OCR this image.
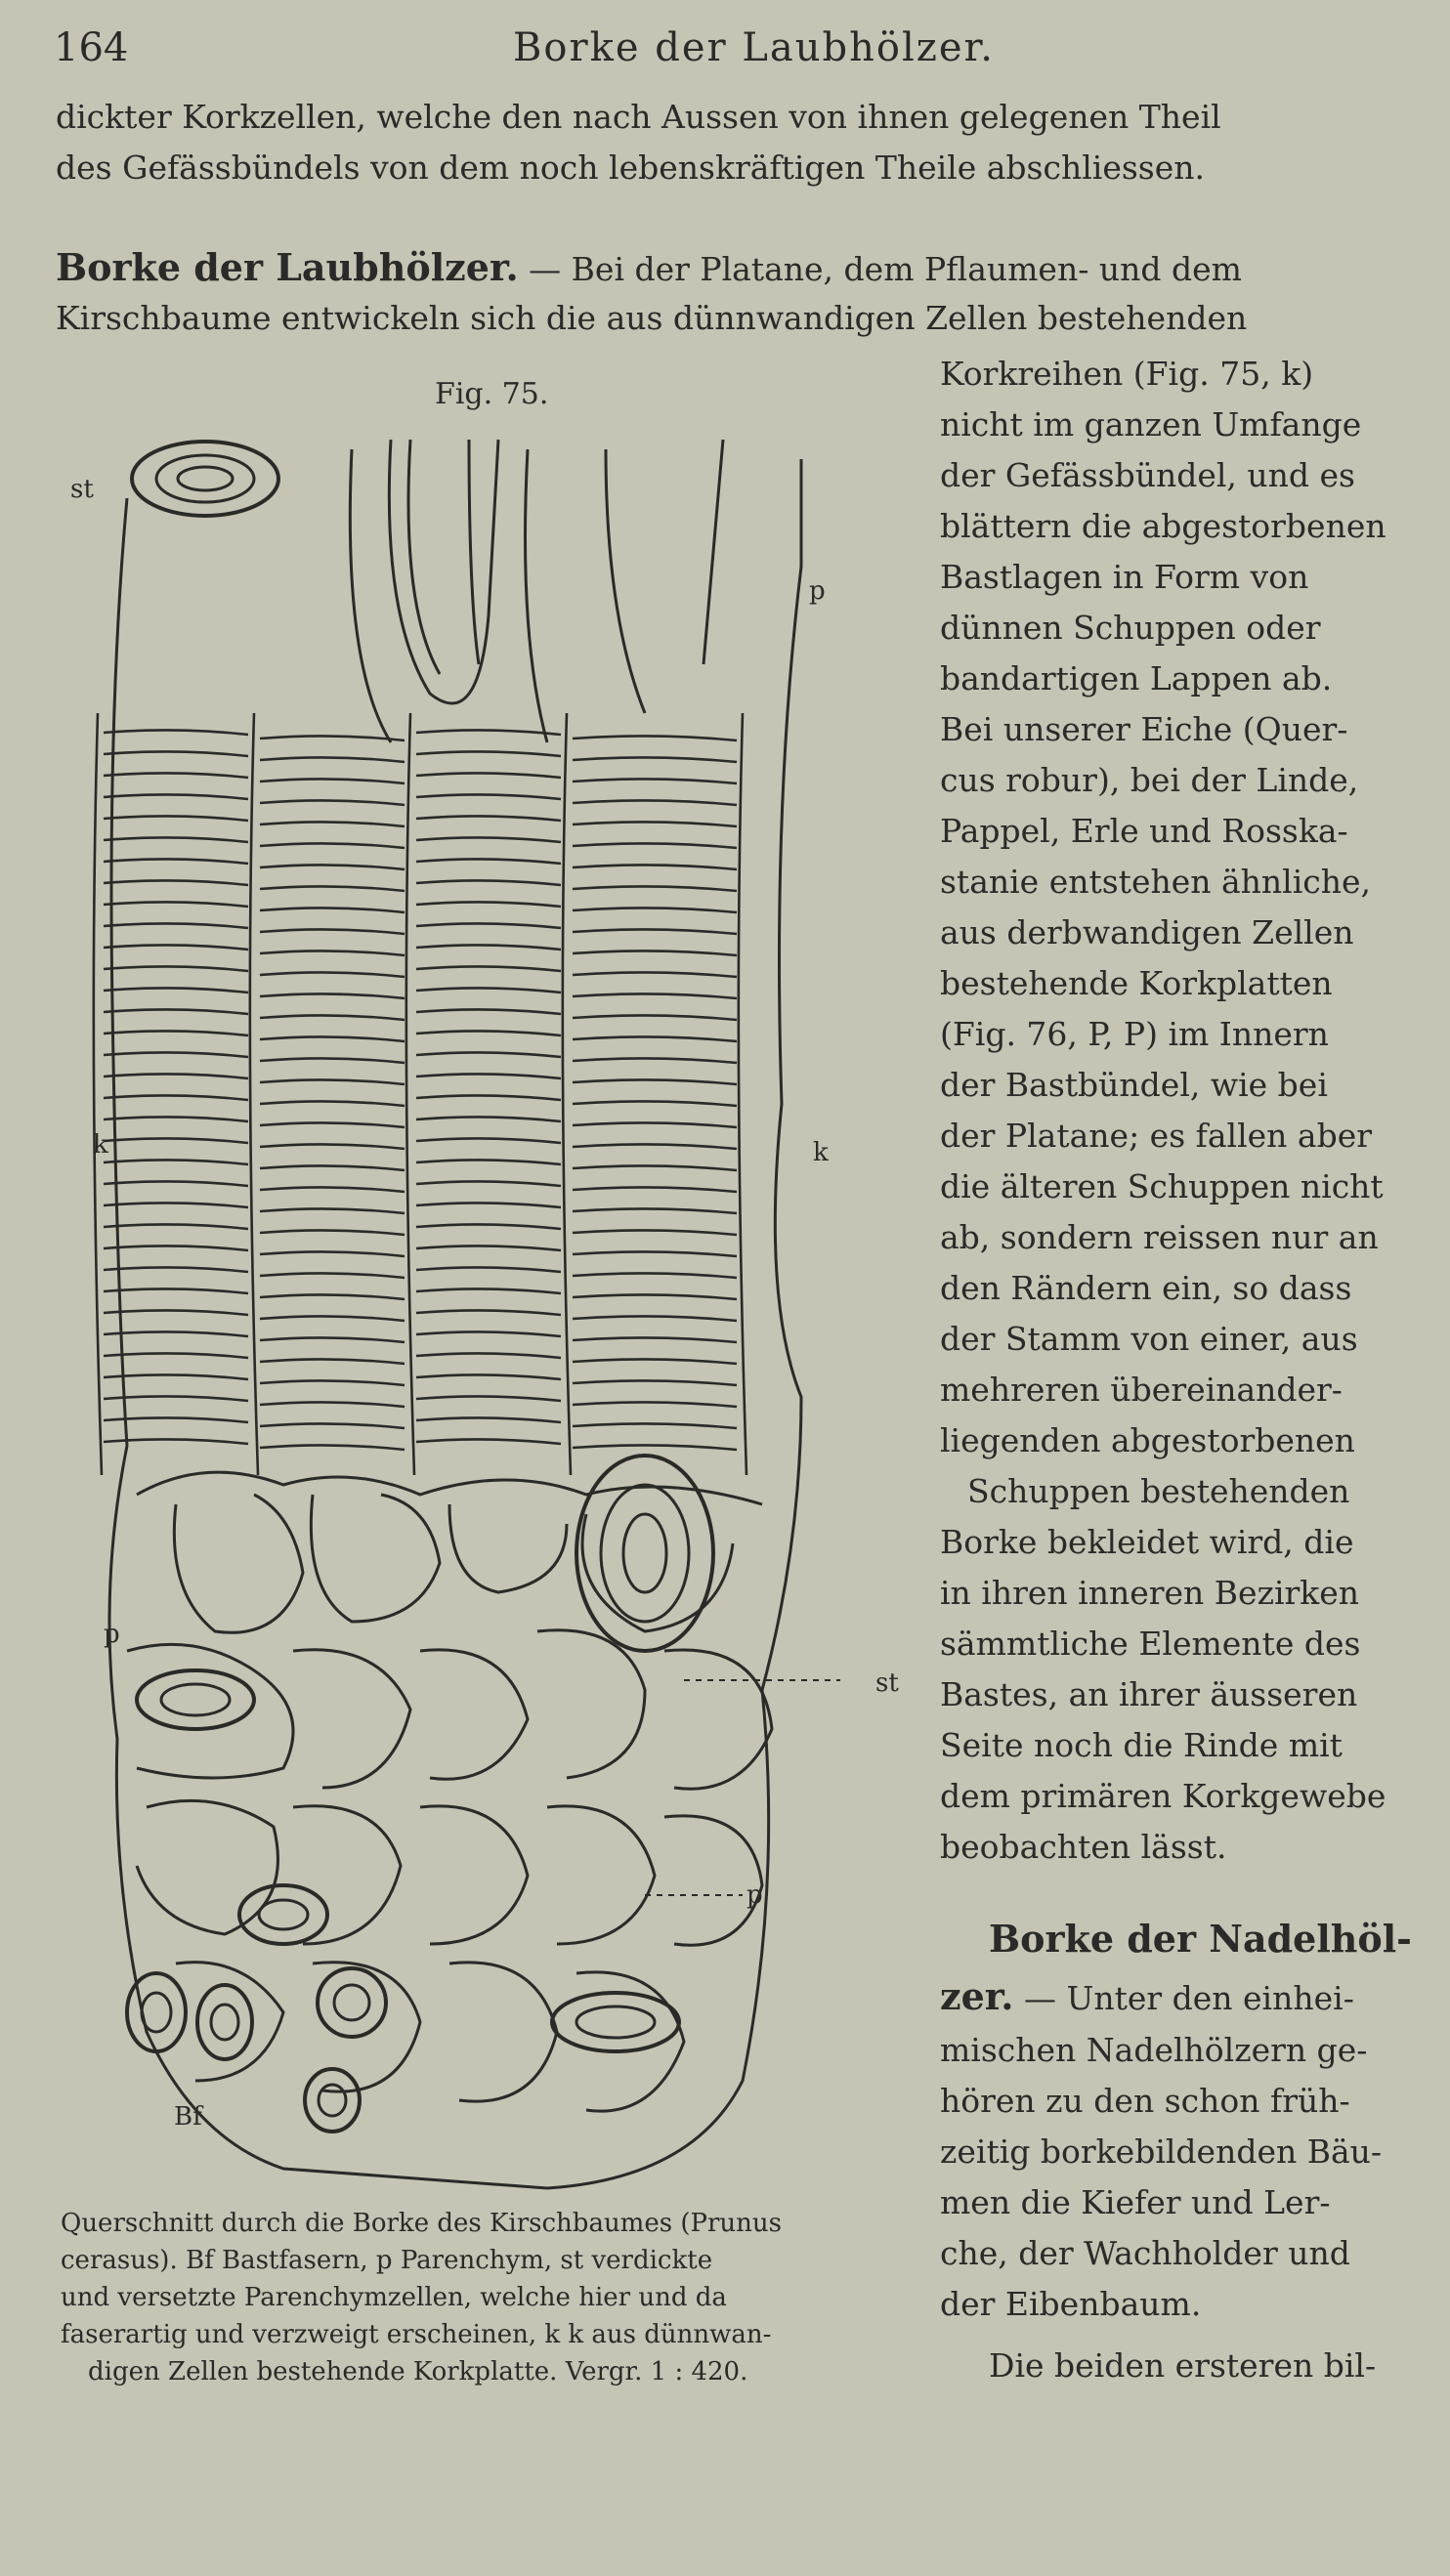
164	Borke der Laubhölzer.
dickter Korkzellen, welche den nach Aussen von ihnen gelegenen Theil
des Gefässbündels von dem noch lebenskräftigen Theile abschliessen.
Borke der Laubhölzer. — Bei der Platane, dem Pflaumen- und dem
Kirschbaume entwickeln sich die aus dünnwandigen Zellen bestehenden
Fig. 75.
st
p
k	k
p
st
p
Bf
Korkreihen (Fig. 75, k)
nicht im ganzen Umfange
der Gefässbündel, und es
blättern die abgestorbenen
Bastlagen in Form von
dünnen Schuppen oder
bandartigen Lappen ab.
Bei unserer Eiche (Quer-
cus robur), bei der Linde,
Pappel, Erle und Rosska-
stanie entstehen ähnliche,
aus derbwandigen Zellen
bestehende Korkplatten
(Fig. 76, P, P) im Innern
der Bastbündel, wie bei
der Platane; es fallen aber
die älteren Schuppen nicht
ab, sondern reissen nur an
den Rändern ein, so dass
der Stamm von einer, aus
mehreren übereinander-
liegenden abgestorbenen
Schuppen bestehenden
Borke bekleidet wird, die
in ihren inneren Bezirken
sämmtliche Elemente des
Bastes, an ihrer äusseren
Seite noch die Rinde mit
dem primären Korkgewebe
beobachten lässt.
Borke der Nadelhöl-
zer. — Unter den einhei-
mischen Nadelhölzern ge-
hören zu den schon früh-
zeitig borkebildenden Bäu-
men die Kiefer und Ler-
che, der Wachholder und
der Eibenbaum.
Die beiden ersteren bil-
Querschnitt durch die Borke des Kirschbaumes (Prunus
cerasus). Bf Bastfasern, p Parenchym, st verdickte
und versetzte Parenchymzellen, welche hier und da
faserartig und verzweigt erscheinen, k k aus dünnwan-
digen Zellen bestehende Korkplatte. Vergr. 1 : 420.
